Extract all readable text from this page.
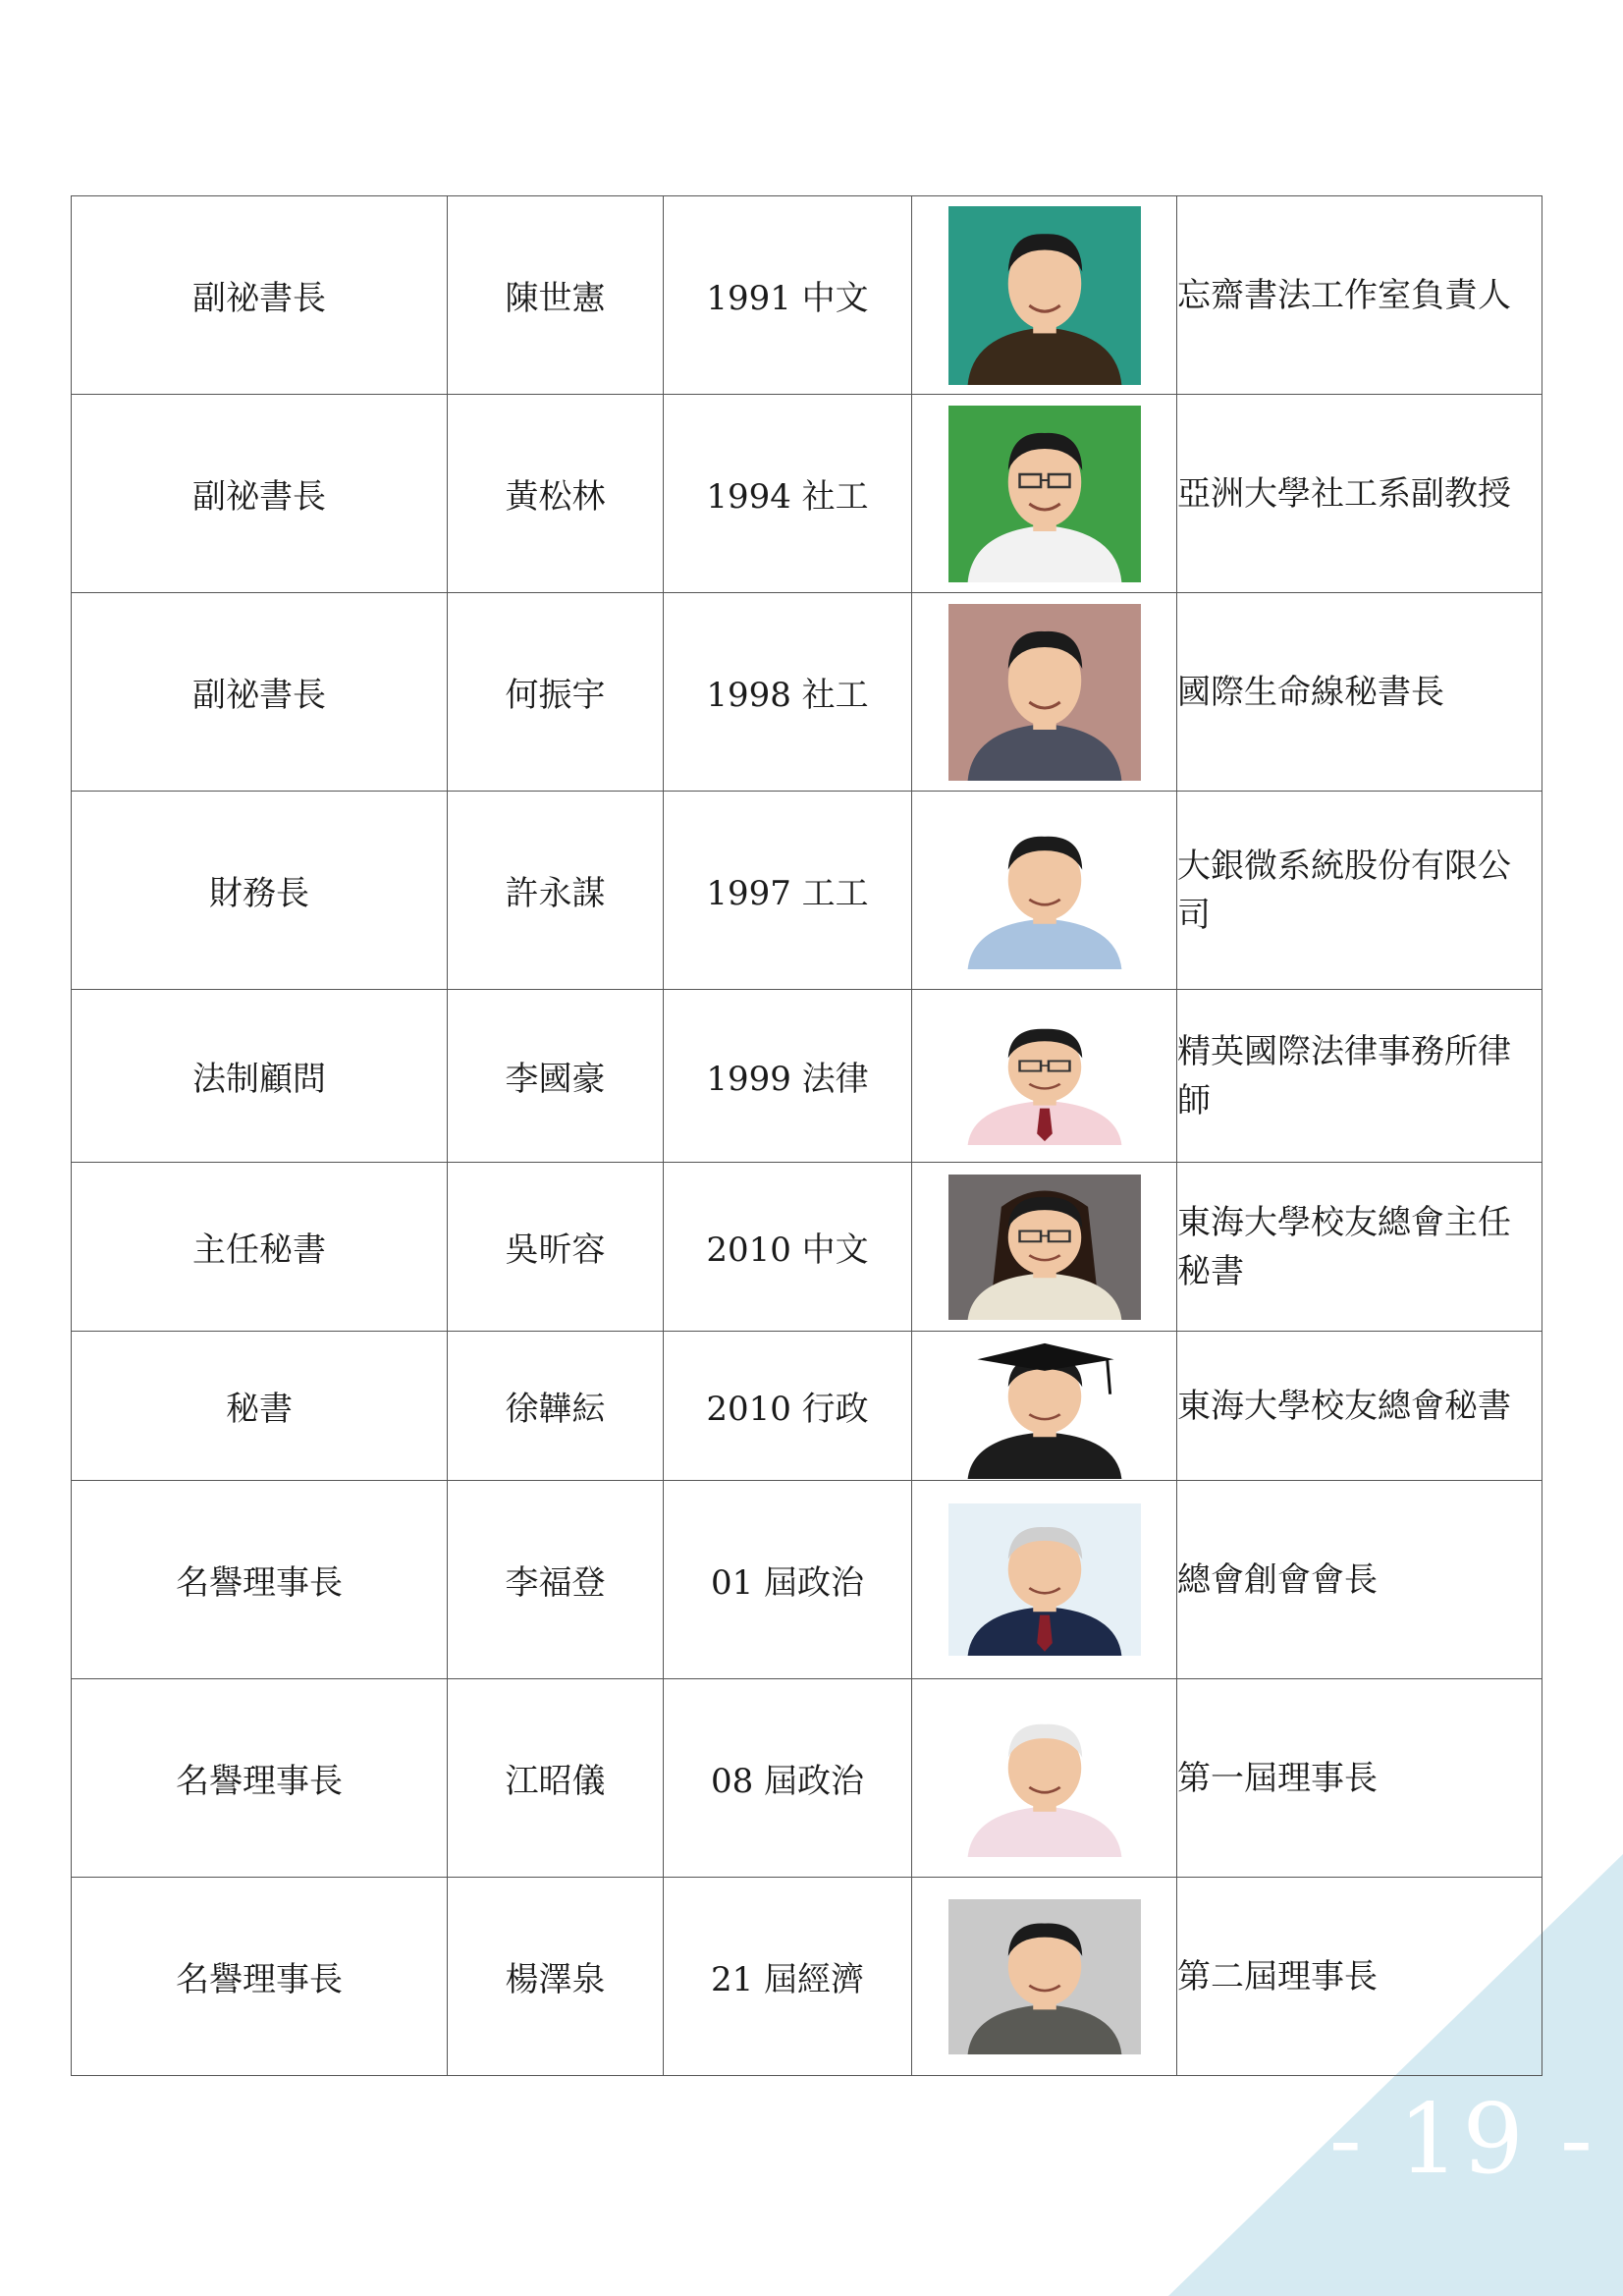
副祕書長	陳世憲	1991 中文		忘齋書法工作室負責人
副祕書長	黃松林	1994 社工		亞洲大學社工系副教授
副祕書長	何振宇	1998 社工		國際生命線秘書長
財務長	許永謀	1997 工工		大銀微系統股份有限公司
法制顧問	李國豪	1999 法律		精英國際法律事務所律師
主任秘書	吳昕容	2010 中文		東海大學校友總會主任秘書
秘書	徐韡紜	2010 行政		東海大學校友總會秘書
名譽理事長	李福登	01 屆政治		總會創會會長
名譽理事長	江昭儀	08 屆政治		第一屆理事長
名譽理事長	楊澤泉	21 屆經濟		第二屆理事長
- 19 -
